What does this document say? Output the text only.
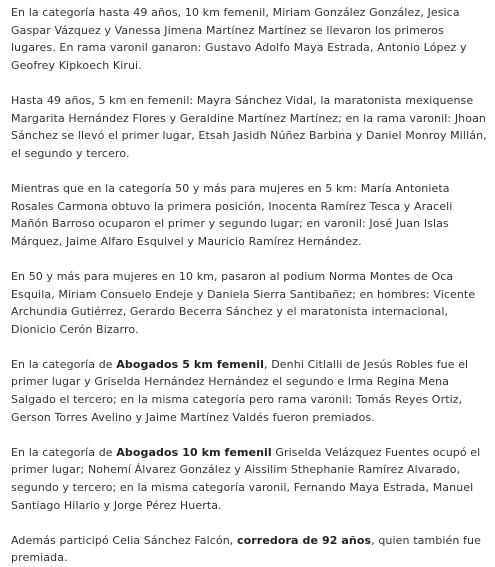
En la categoría hasta 49 años, 10 km femenil, Miriam González González, Jesica Gaspar Vázquez y Vanessa Jimena Martínez Martínez se llevaron los primeros lugares. En rama varonil ganaron: Gustavo Adolfo Maya Estrada, Antonio López y Geofrey Kipkoech Kirui.

Hasta 49 años, 5 km en femenil: Mayra Sánchez Vidal, la maratonista mexiquense Margarita Hernández Flores y Geraldine Martínez Martínez; en la rama varonil: Jhoan Sánchez se llevó el primer lugar, Etsah Jasidh Núñez Barbina y Daniel Monroy Millán, el segundo y tercero.

Mientras que en la categoría 50 y más para mujeres en 5 km: María Antonieta Rosales Carmona obtuvo la primera posición, Inocenta Ramírez Tesca y Araceli Mañón Barroso ocuparon el primer y segundo lugar; en varonil: José Juan Islas Márquez, Jaime Alfaro Esquivel y Mauricio Ramírez Hernández.

En 50 y más para mujeres en 10 km, pasaron al podium Norma Montes de Oca Esquila, Miriam Consuelo Endeje y Daniela Sierra Santibañez; en hombres: Vicente Archundia Gutiérrez, Gerardo Becerra Sánchez y el maratonista internacional, Dionicio Cerón Bizarro.

En la categoría de Abogados 5 km femenil, Denhi Citlalli de Jesús Robles fue el primer lugar y Griselda Hernández Hernández el segundo e Irma Regina Mena Salgado el tercero; en la misma categoría pero rama varonil: Tomás Reyes Ortiz, Gerson Torres Avelino y Jaime Martínez Valdés fueron premiados.

En la categoría de Abogados 10 km femenil Griselda Velázquez Fuentes ocupó el primer lugar; Nohemí Álvarez González y Aissilim Sthephanie Ramírez Alvarado, segundo y tercero; en la misma categoría varonil, Fernando Maya Estrada, Manuel Santiago Hilario y Jorge Pérez Huerta.

Además participó Celia Sánchez Falcón, corredora de 92 años, quien también fue premiada.
